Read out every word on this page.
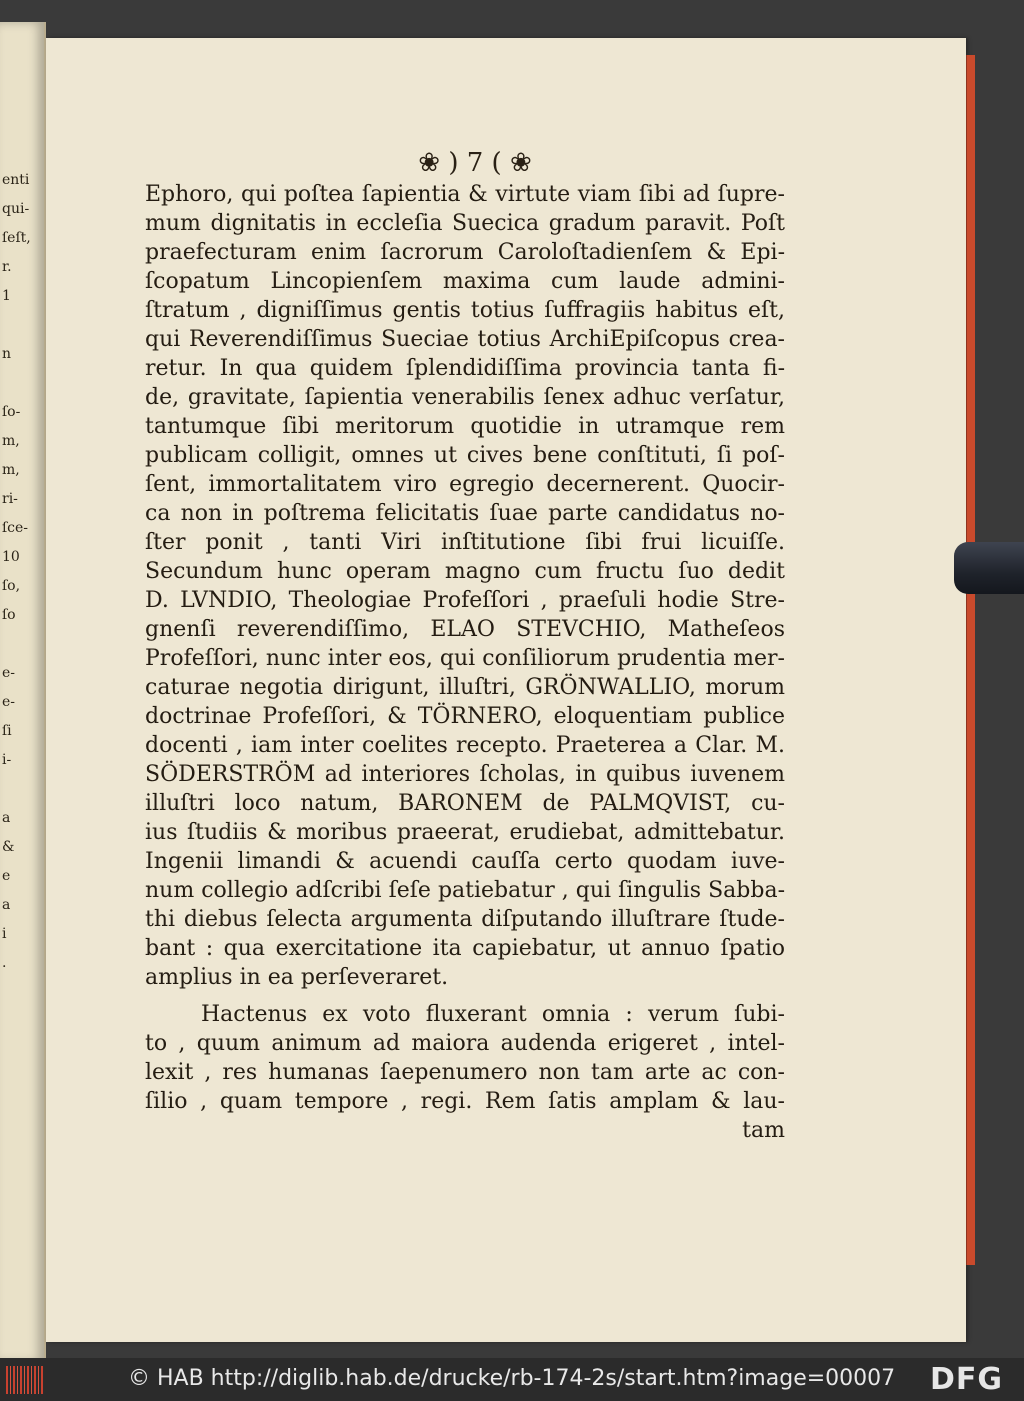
enti
qui-
ſeſt,
r.
1
n
ſo-
m,
m,
ri-
ſce-
10
ſo,
ſo
e-
e-
ſi
i-
a
&
e
a
i
.
❀ ) 7 ( ❀
Ephoro, qui poſtea ſapientia & virtute viam ſibi ad ſupre-
mum dignitatis in eccleſia Suecica gradum paravit. Poſt
praefecturam enim ſacrorum Caroloſtadienſem & Epi-
ſcopatum Lincopienſem maxima cum laude admini-
ſtratum , digniſſimus gentis totius ſuffragiis habitus eſt,
qui Reverendiſſimus Sueciae totius ArchiEpiſcopus crea-
retur. In qua quidem ſplendidiſſima provincia tanta fi-
de, gravitate, ſapientia venerabilis ſenex adhuc verſatur,
tantumque ſibi meritorum quotidie in utramque rem
publicam colligit, omnes ut cives bene conſtituti, ſi poſ-
ſent, immortalitatem viro egregio decernerent. Quocir-
ca non in poſtrema felicitatis ſuae parte candidatus no-
ſter ponit , tanti Viri inſtitutione ſibi frui licuiſſe.
Secundum hunc operam magno cum fructu ſuo dedit
D. LVNDIO, Theologiae Profeſſori , praeſuli hodie Stre-
gnenſi reverendiſſimo, ELAO STEVCHIO, Matheſeos
Profeſſori, nunc inter eos, qui conſiliorum prudentia mer-
caturae negotia dirigunt, illuſtri, GRÖNWALLIO, morum
doctrinae Profeſſori, & TÖRNERO, eloquentiam publice
docenti , iam inter coelites recepto. Praeterea a Clar. M.
SÖDERSTRÖM ad interiores ſcholas, in quibus iuvenem
illuſtri loco natum, BARONEM de PALMQVIST, cu-
ius ſtudiis & moribus praeerat, erudiebat, admittebatur.
Ingenii limandi & acuendi cauſſa certo quodam iuve-
num collegio adſcribi ſeſe patiebatur , qui ſingulis Sabba-
thi diebus ſelecta argumenta diſputando illuſtrare ſtude-
bant : qua exercitatione ita capiebatur, ut annuo ſpatio
amplius in ea perſeveraret.
Hactenus ex voto fluxerant omnia : verum ſubi-
to , quum animum ad maiora audenda erigeret , intel-
lexit , res humanas ſaepenumero non tam arte ac con-
ſilio , quam tempore , regi. Rem ſatis amplam & lau-
tam
© HAB http://diglib.hab.de/drucke/rb-174-2s/start.htm?image=00007 DFG
